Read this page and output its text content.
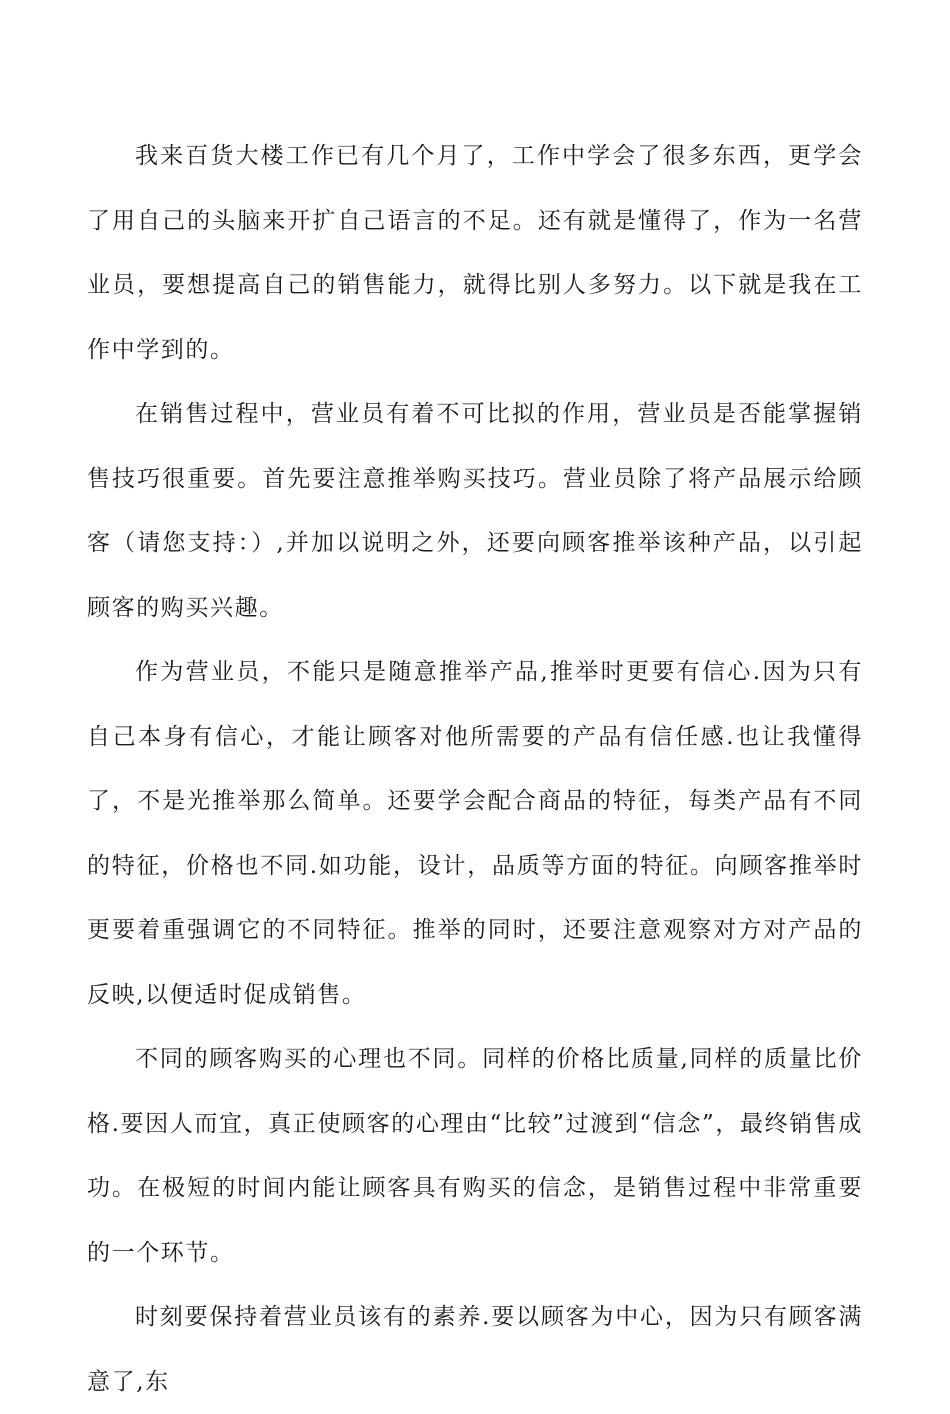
我来百货大楼工作已有几个月了，工作中学会了很多东西，更学会了用自己的头脑来开扩自己语言的不足。还有就是懂得了，作为一名营业员，要想提高自己的销售能力，就得比别人多努力。以下就是我在工作中学到的。

在销售过程中，营业员有着不可比拟的作用，营业员是否能掌握销售技巧很重要。首先要注意推举购买技巧。营业员除了将产品展示给顾客（请您支持：）,并加以说明之外，还要向顾客推举该种产品，以引起顾客的购买兴趣。

作为营业员，不能只是随意推举产品,推举时更要有信心.因为只有自己本身有信心，才能让顾客对他所需要的产品有信任感.也让我懂得了，不是光推举那么简单。还要学会配合商品的特征，每类产品有不同的特征，价格也不同.如功能，设计，品质等方面的特征。向顾客推举时更要着重强调它的不同特征。推举的同时，还要注意观察对方对产品的反映,以便适时促成销售。

不同的顾客购买的心理也不同。同样的价格比质量,同样的质量比价格.要因人而宜，真正使顾客的心理由“比较”过渡到“信念”，最终销售成功。在极短的时间内能让顾客具有购买的信念，是销售过程中非常重要的一个环节。

时刻要保持着营业员该有的素养.要以顾客为中心，因为只有顾客满意了,东
